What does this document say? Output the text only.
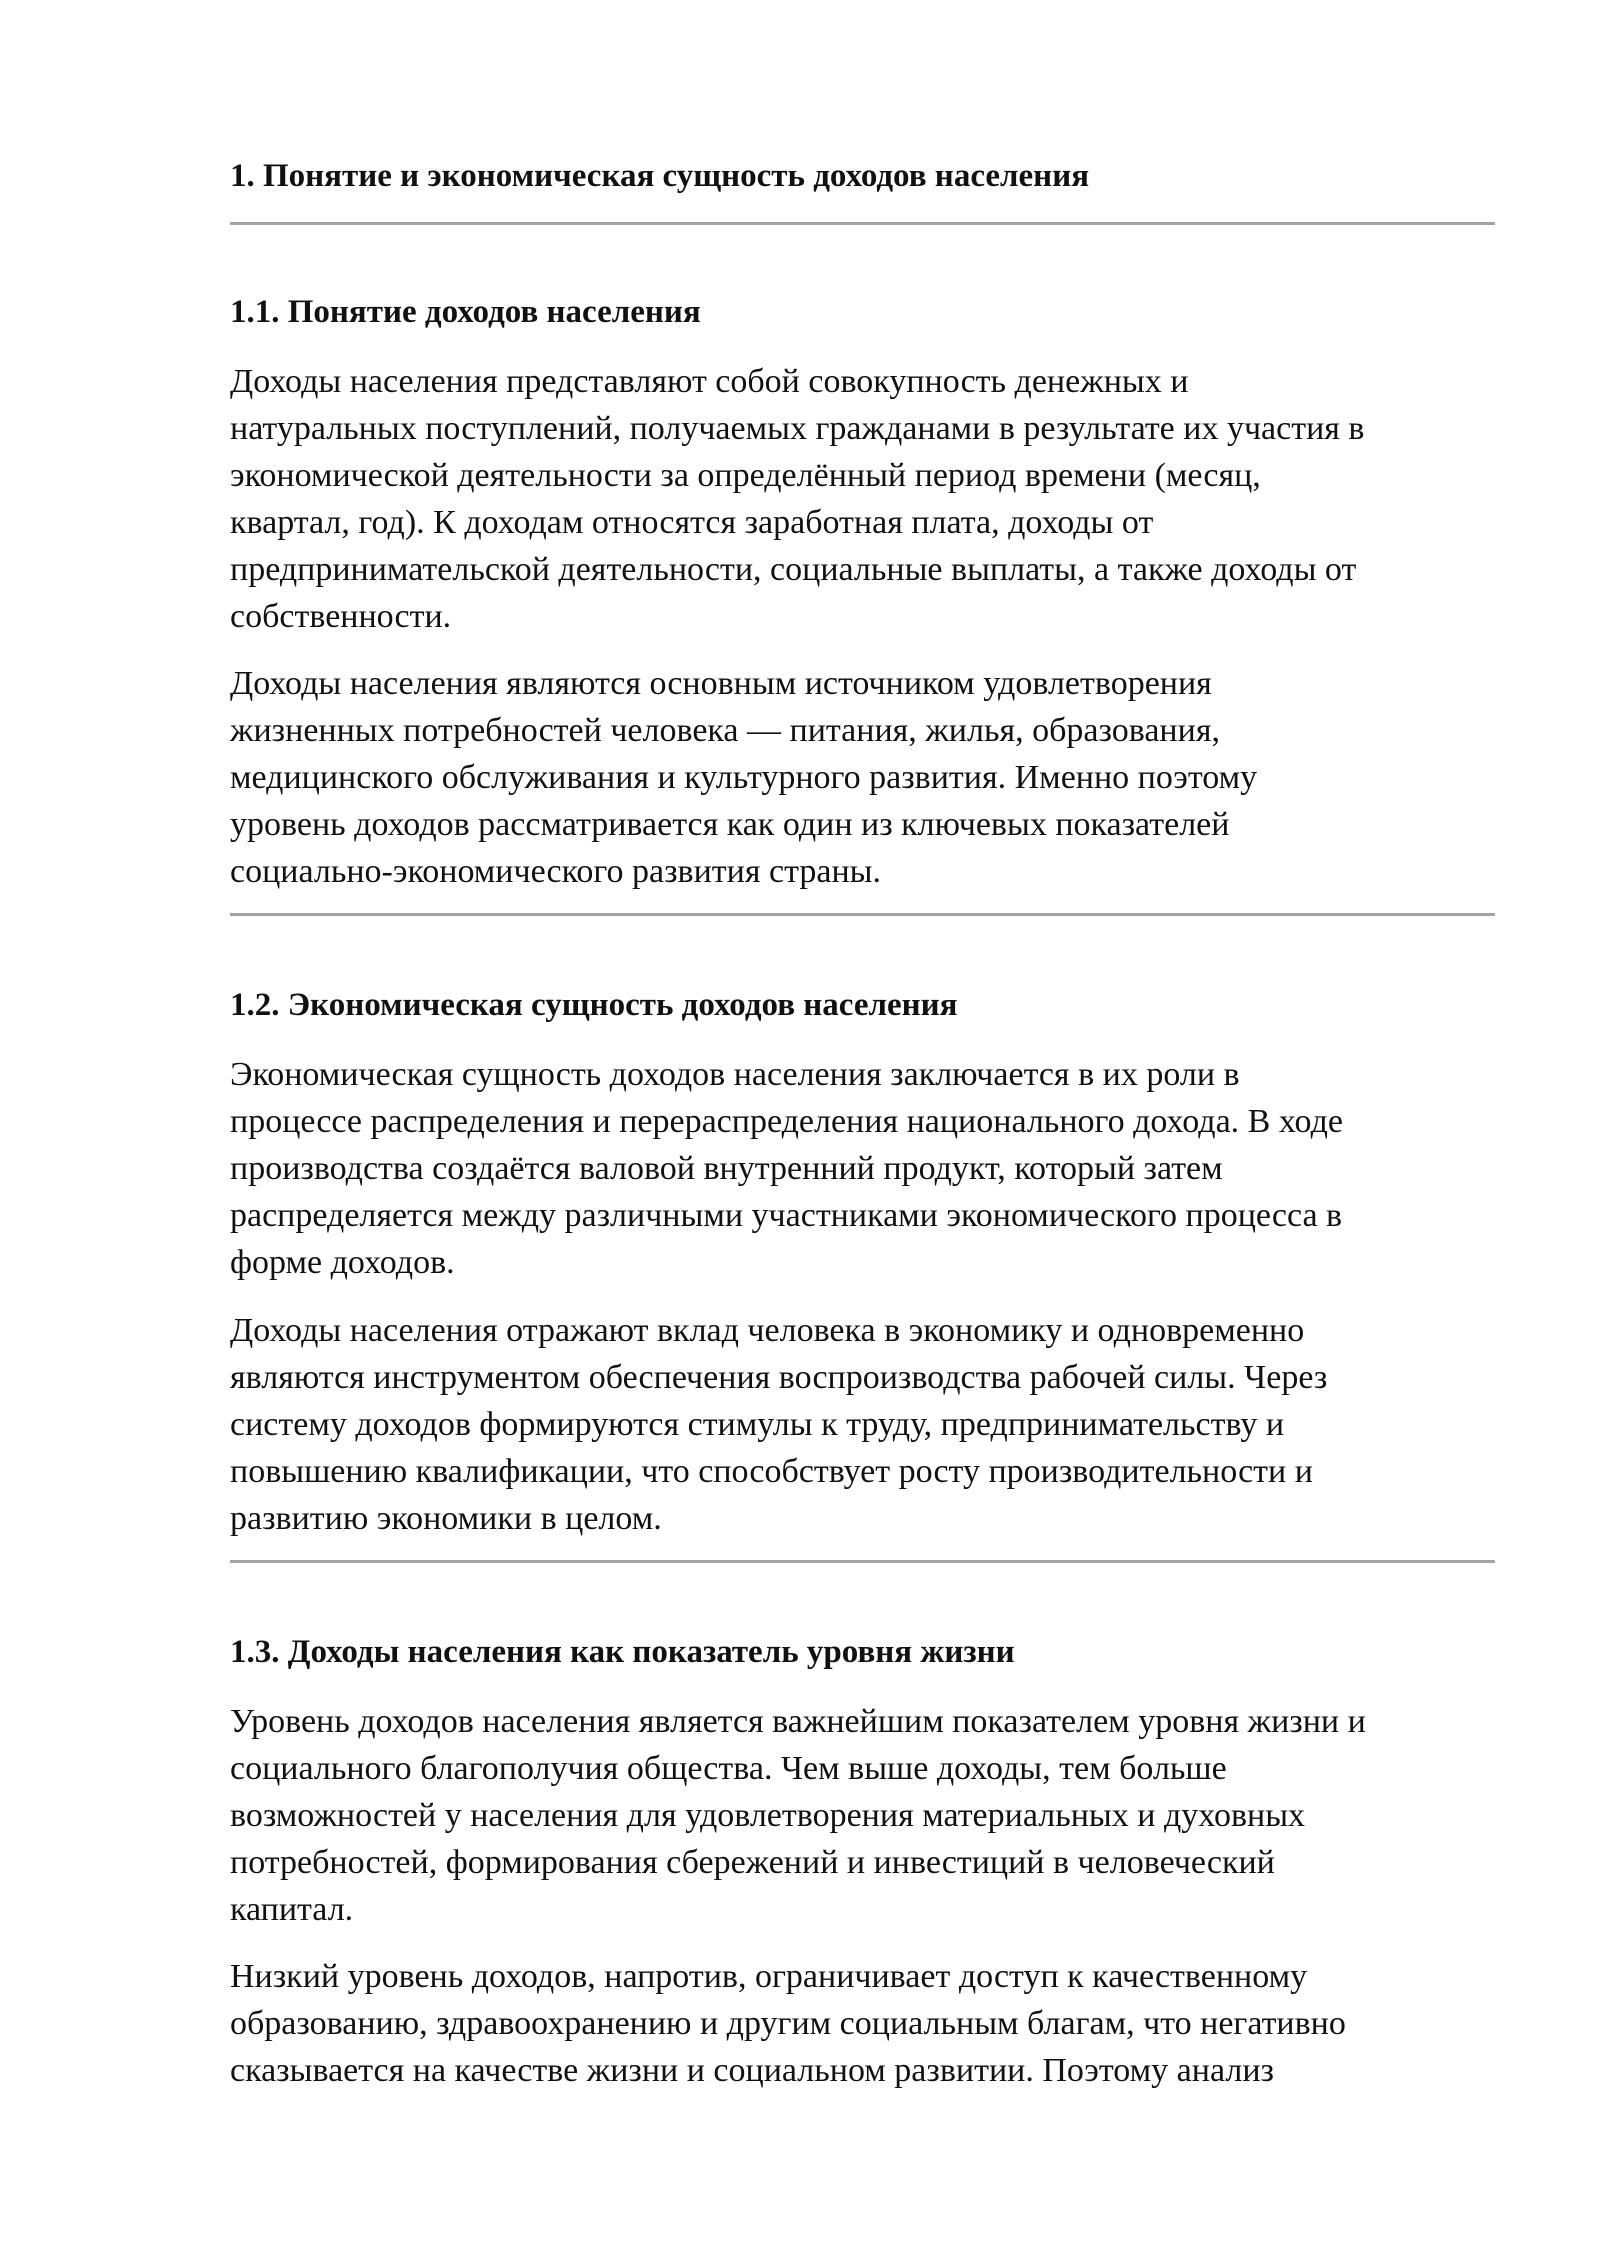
1. Понятие и экономическая сущность доходов населения
1.1. Понятие доходов населения

Доходы населения представляют собой совокупность денежных и
натуральных поступлений, получаемых гражданами в результате их участия в
экономической деятельности за определённый период времени (месяц,
квартал, год). К доходам относятся заработная плата, доходы от
предпринимательской деятельности, социальные выплаты, а также доходы от
собственности.

Доходы населения являются основным источником удовлетворения
жизненных потребностей человека — питания, жилья, образования,
медицинского обслуживания и культурного развития. Именно поэтому
уровень доходов рассматривается как один из ключевых показателей
социально-экономического развития страны.

1.2. Экономическая сущность доходов населения

Экономическая сущность доходов населения заключается в их роли в
процессе распределения и перераспределения национального дохода. В ходе
производства создаётся валовой внутренний продукт, который затем
распределяется между различными участниками экономического процесса в
форме доходов.

Доходы населения отражают вклад человека в экономику и одновременно
являются инструментом обеспечения воспроизводства рабочей силы. Через
систему доходов формируются стимулы к труду, предпринимательству и
повышению квалификации, что способствует росту производительности и
развитию экономики в целом.

1.3. Доходы населения как показатель уровня жизни

Уровень доходов населения является важнейшим показателем уровня жизни и
социального благополучия общества. Чем выше доходы, тем больше
возможностей у населения для удовлетворения материальных и духовных
потребностей, формирования сбережений и инвестиций в человеческий
капитал.

Низкий уровень доходов, напротив, ограничивает доступ к качественному
образованию, здравоохранению и другим социальным благам, что негативно
сказывается на качестве жизни и социальном развитии. Поэтому анализ
